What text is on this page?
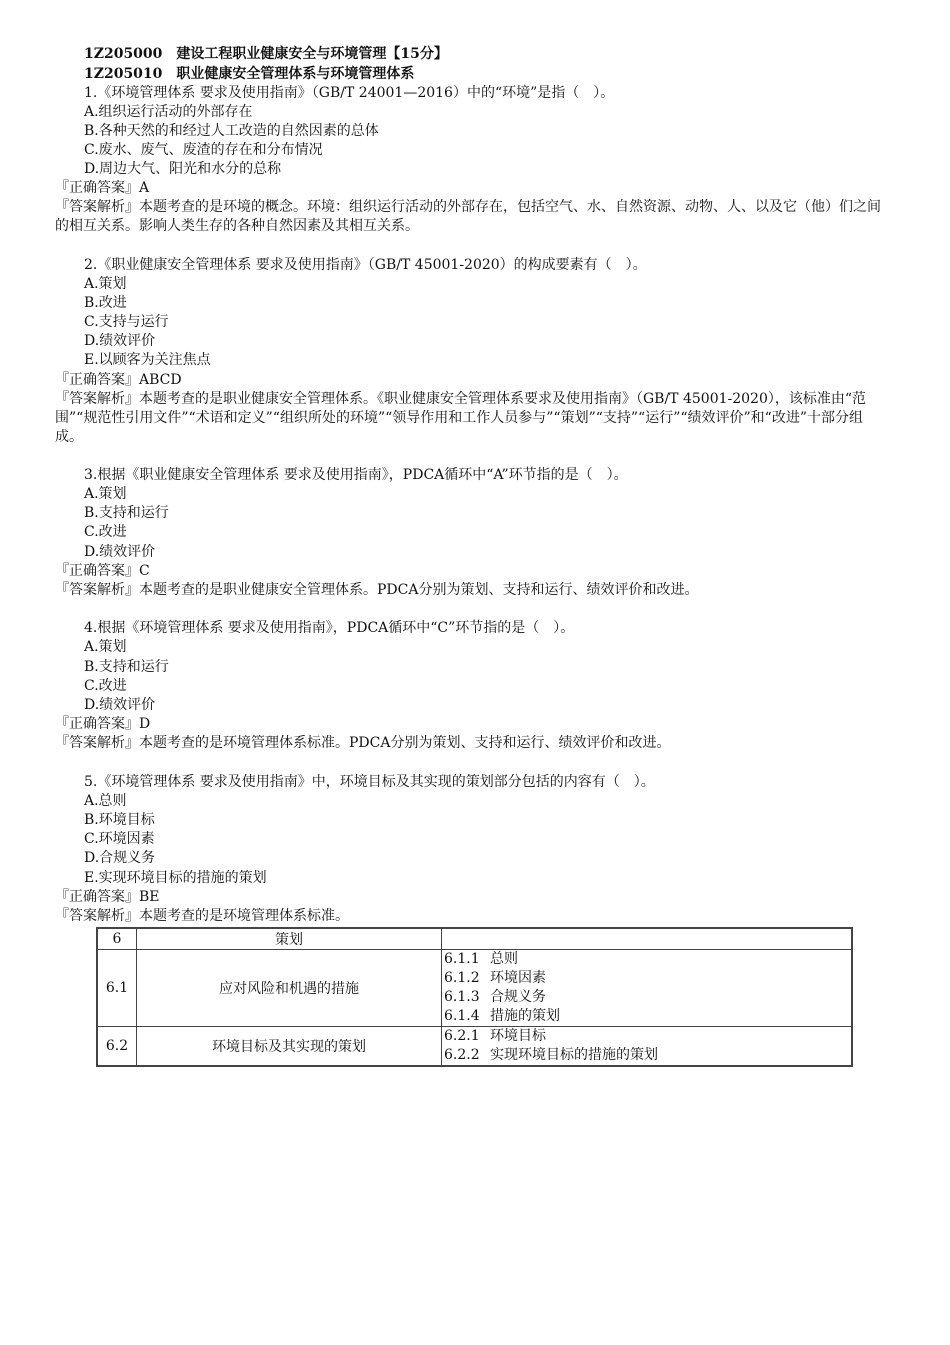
1Z205000　建设工程职业健康安全与环境管理【15分】
1Z205010　职业健康安全管理体系与环境管理体系
1.《环境管理体系 要求及使用指南》（GB/T 24001—2016）中的“环境”是指（　）。
A.组织运行活动的外部存在
B.各种天然的和经过人工改造的自然因素的总体
C.废水、废气、废渣的存在和分布情况
D.周边大气、阳光和水分的总称
『正确答案』A
『答案解析』本题考查的是环境的概念。环境：组织运行活动的外部存在，包括空气、水、自然资源、动物、人、以及它（他）们之间的相互关系。影响人类生存的各种自然因素及其相互关系。
2.《职业健康安全管理体系 要求及使用指南》（GB/T 45001-2020）的构成要素有（　）。
A.策划
B.改进
C.支持与运行
D.绩效评价
E.以顾客为关注焦点
『正确答案』ABCD
『答案解析』本题考查的是职业健康安全管理体系。《职业健康安全管理体系要求及使用指南》（GB/T 45001-2020），该标准由“范围”“规范性引用文件”“术语和定义”“组织所处的环境”“领导作用和工作人员参与”“策划”“支持”“运行”“绩效评价”和“改进”十部分组成。
3.根据《职业健康安全管理体系 要求及使用指南》，PDCA循环中“A”环节指的是（　）。
A.策划
B.支持和运行
C.改进
D.绩效评价
『正确答案』C
『答案解析』本题考查的是职业健康安全管理体系。PDCA分别为策划、支持和运行、绩效评价和改进。
4.根据《环境管理体系 要求及使用指南》，PDCA循环中“C”环节指的是（　）。
A.策划
B.支持和运行
C.改进
D.绩效评价
『正确答案』D
『答案解析』本题考查的是环境管理体系标准。PDCA分别为策划、支持和运行、绩效评价和改进。
5.《环境管理体系 要求及使用指南》中，环境目标及其实现的策划部分包括的内容有（　）。
A.总则
B.环境目标
C.环境因素
D.合规义务
E.实现环境目标的措施的策划
『正确答案』BE
『答案解析』本题考查的是环境管理体系标准。
6	策划	
6.1	应对风险和机遇的措施	6.1.1 总则
6.1.2 环境因素
6.1.3 合规义务
6.1.4 措施的策划

6.2	环境目标及其实现的策划	6.2.1 环境目标
6.2.2 实现环境目标的措施的策划
